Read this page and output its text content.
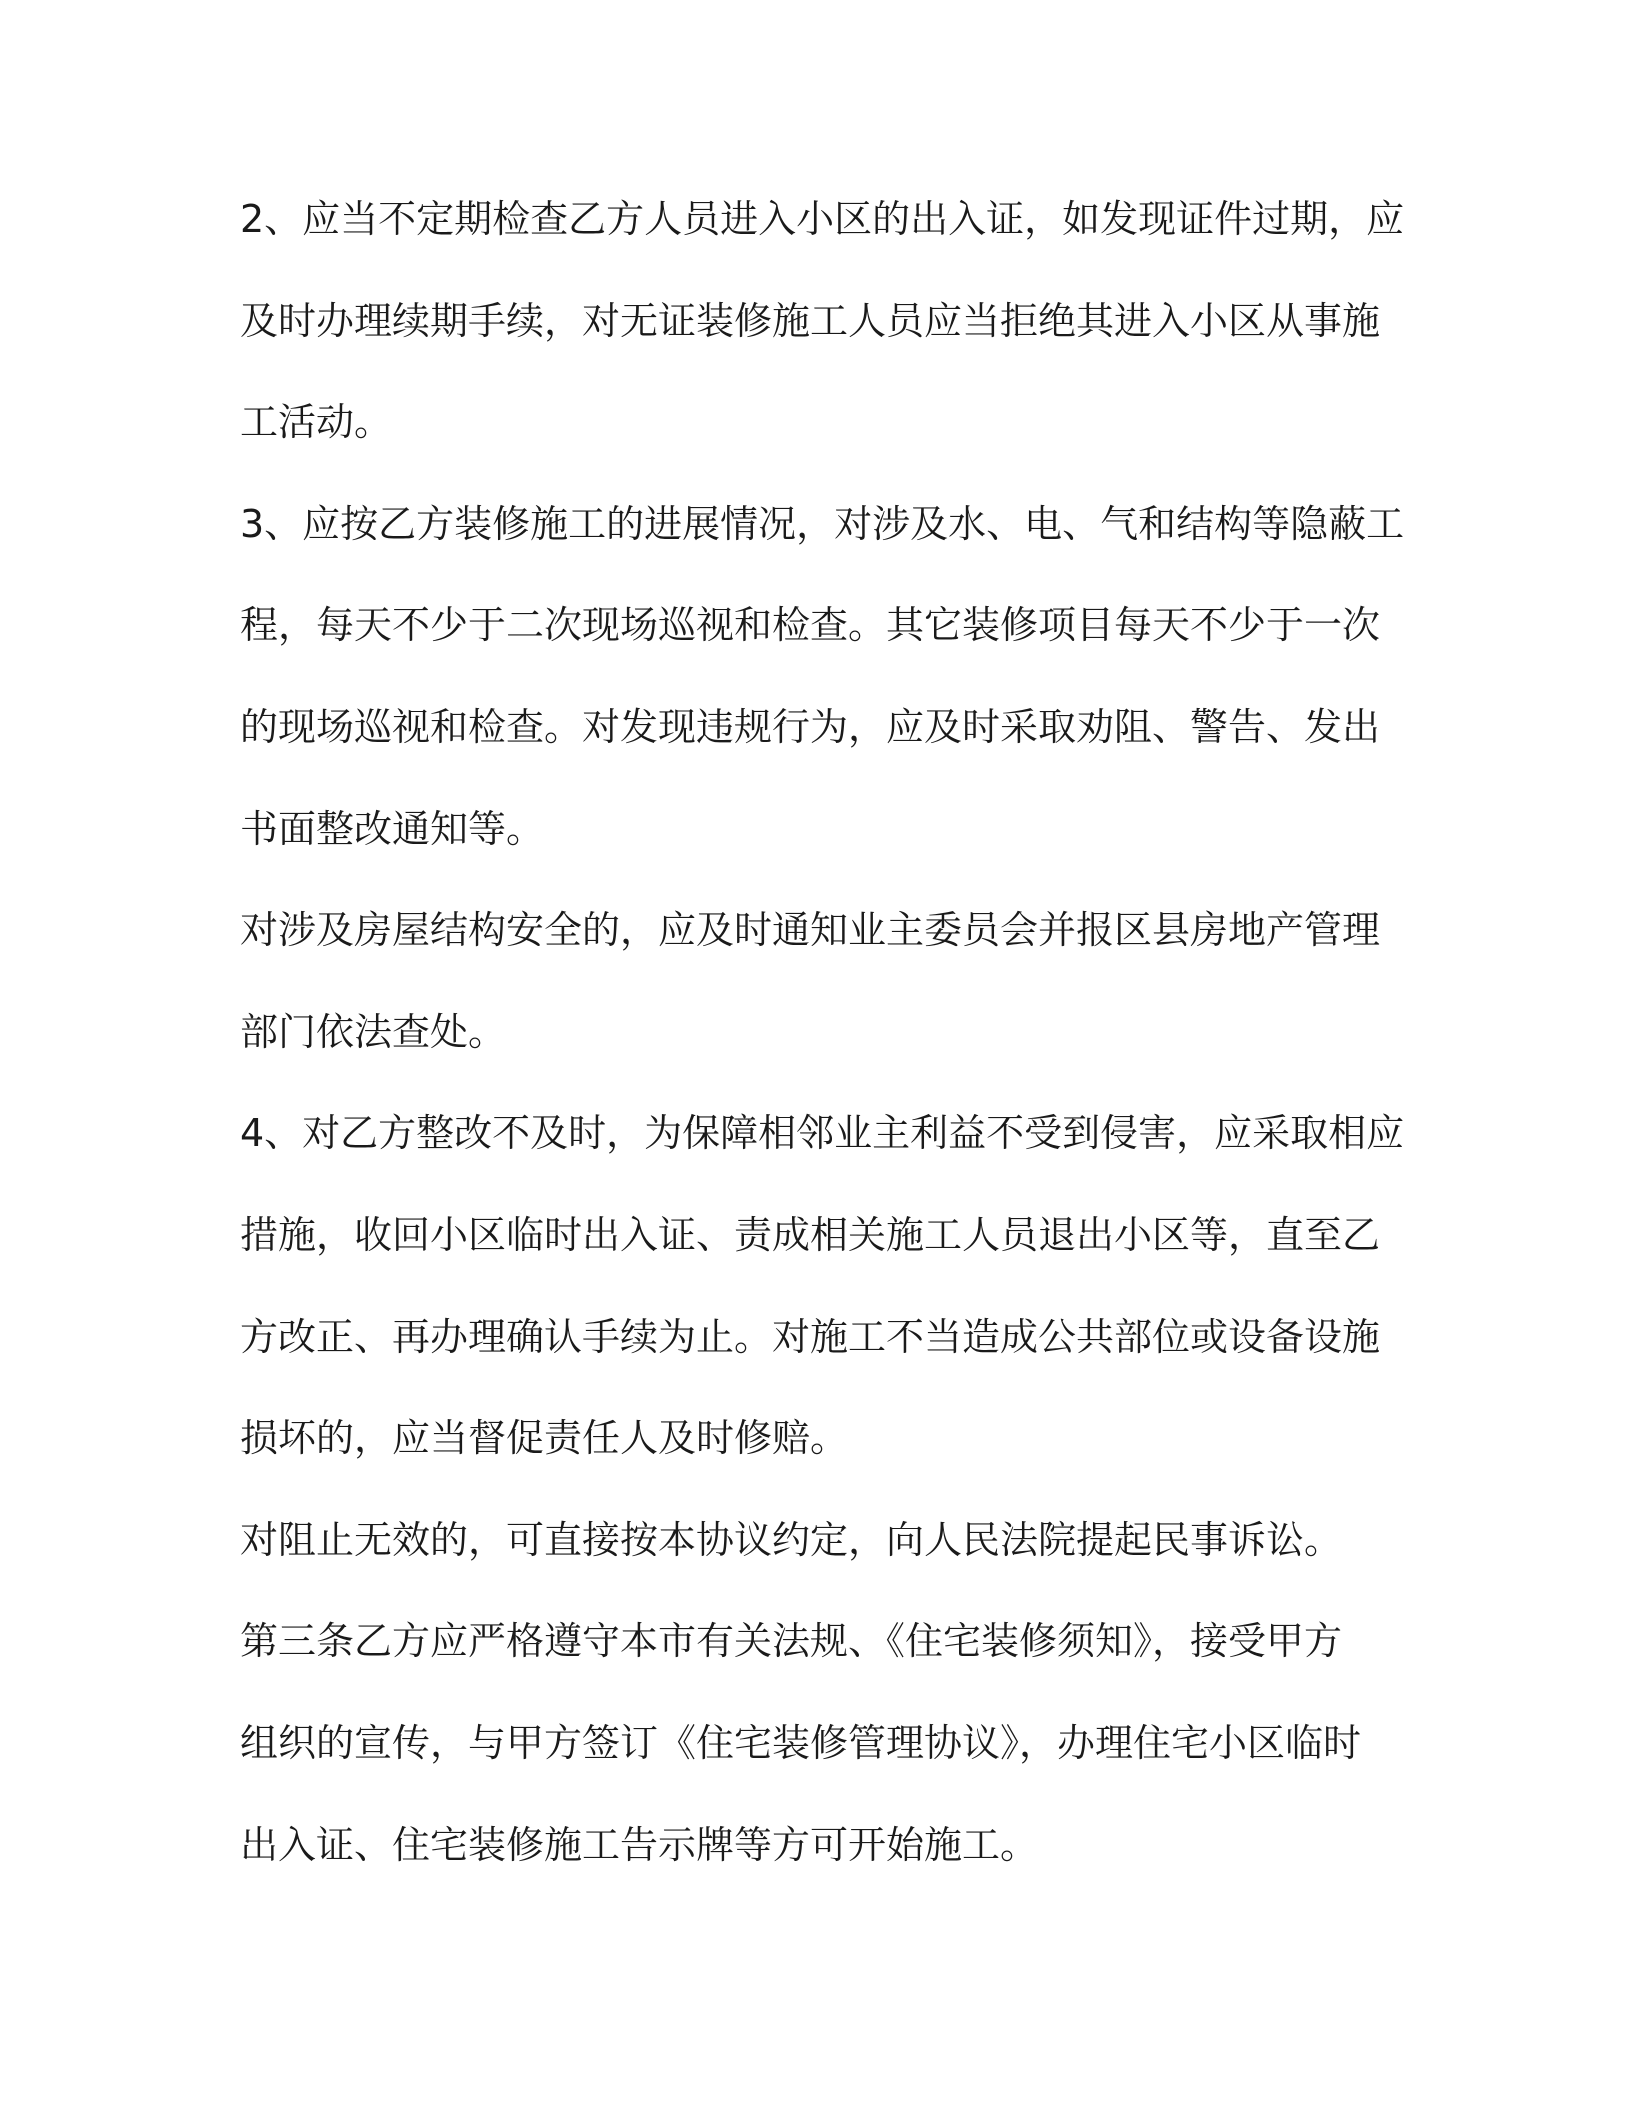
2、应当不定期检查乙方人员进入小区的出入证，如发现证件过期，应
及时办理续期手续，对无证装修施工人员应当拒绝其进入小区从事施
工活动。
3、应按乙方装修施工的进展情况，对涉及水、电、气和结构等隐蔽工
程，每天不少于二次现场巡视和检查。其它装修项目每天不少于一次
的现场巡视和检查。对发现违规行为，应及时采取劝阻、警告、发出
书面整改通知等。
对涉及房屋结构安全的，应及时通知业主委员会并报区县房地产管理
部门依法查处。
4、对乙方整改不及时，为保障相邻业主利益不受到侵害，应采取相应
措施，收回小区临时出入证、责成相关施工人员退出小区等，直至乙
方改正、再办理确认手续为止。对施工不当造成公共部位或设备设施
损坏的，应当督促责任人及时修赔。
对阻止无效的，可直接按本协议约定，向人民法院提起民事诉讼。
第三条乙方应严格遵守本市有关法规、《住宅装修须知》，接受甲方
组织的宣传，与甲方签订《住宅装修管理协议》，办理住宅小区临时
出入证、住宅装修施工告示牌等方可开始施工。
